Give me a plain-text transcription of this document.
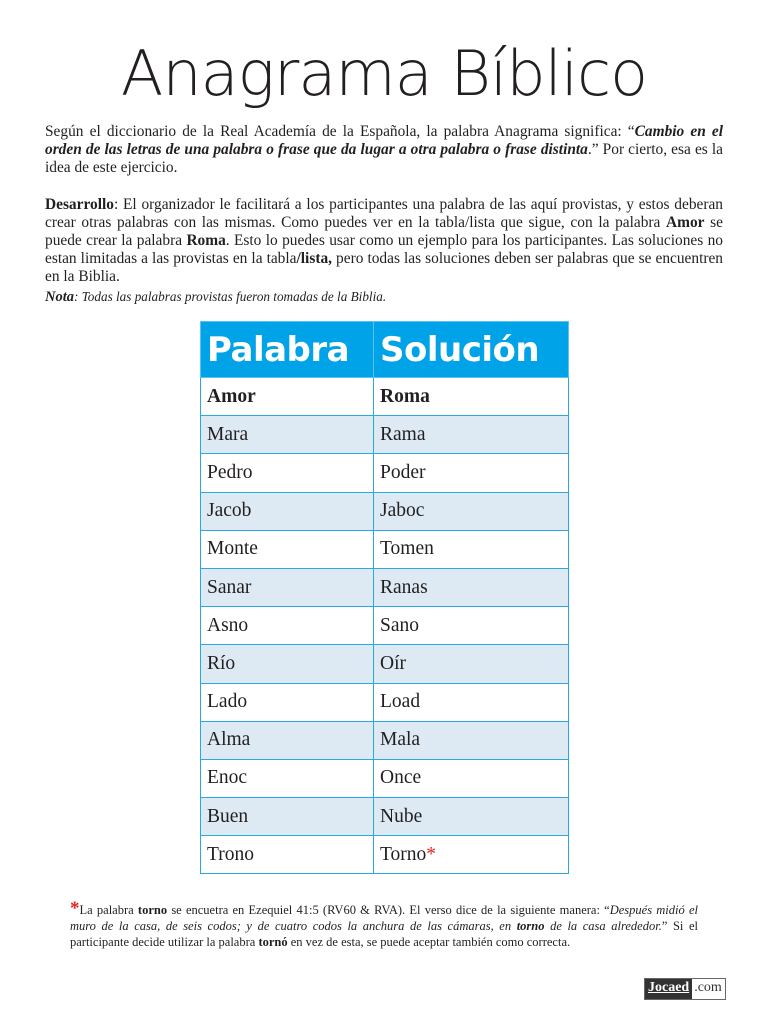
Anagrama Bíblico

Según el diccionario de la Real Academía de la Española, la palabra Anagrama significa: “Cambio en el orden de las letras de una palabra o frase que da lugar a otra palabra o frase distinta.” Por cierto, esa es la idea de este ejercicio.

Desarrollo: El organizador le facilitará a los participantes una palabra de las aquí provistas, y estos deberan crear otras palabras con las mismas. Como puedes ver en la tabla/lista que sigue, con la palabra Amor se puede crear la palabra Roma. Esto lo puedes usar como un ejemplo para los participantes. Las soluciones no estan limitadas a las provistas en la tabla/lista, pero todas las soluciones deben ser palabras que se encuentren en la Biblia.

Nota: Todas las palabras provistas fueron tomadas de la Biblia.

Palabra	Solución
Amor	Roma
Mara	Rama
Pedro	Poder
Jacob	Jaboc
Monte	Tomen
Sanar	Ranas
Asno	Sano
Río	Oír
Lado	Load
Alma	Mala
Enoc	Once
Buen	Nube
Trono	Torno*

*La palabra torno se encuetra en Ezequiel 41:5 (RV60 & RVA). El verso dice de la siguiente manera: “Después midió el muro de la casa, de seis codos; y de cuatro codos la anchura de las cámaras, en torno de la casa alrededor.” Si el participante decide utilizar la palabra tornó en vez de esta, se puede aceptar también como correcta.

Jocaed .com
